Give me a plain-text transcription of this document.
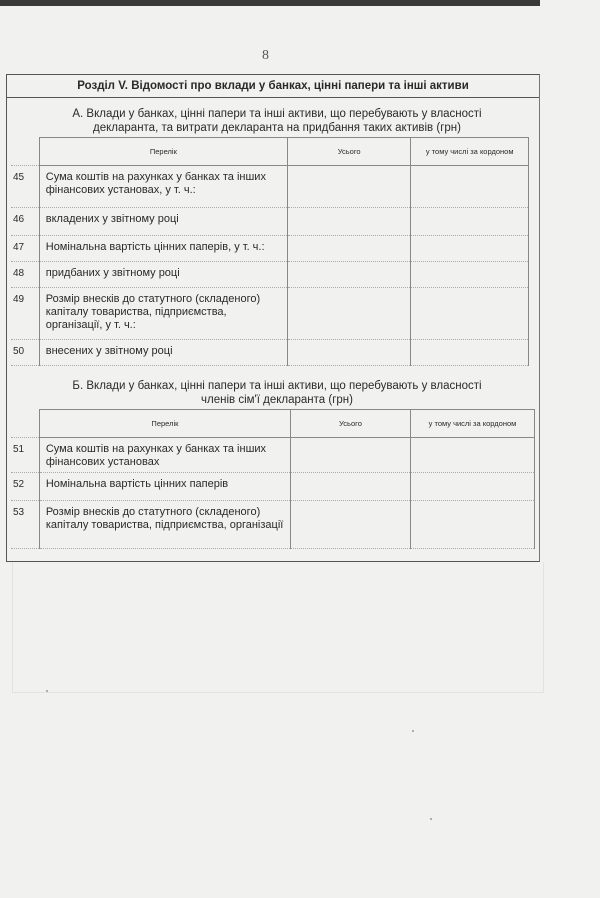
8
Розділ V. Відомості про вклади у банках, цінні папери та інші активи
А. Вклади у банках, цінні папери та інші активи, що перебувають у власності
декларанта, та витрати декларанта на придбання таких активів (грн)
	Перелік	Усього	у тому числі за кордоном
45	Сума коштів на рахунках у банках та інших фінансових установах, у т. ч.:		
46	вкладених у звітному році		
47	Номінальна вартість цінних паперів, у т. ч.:		
48	придбаних у звітному році		
49	Розмір внесків до статутного (складеного) капіталу товариства, підприємства, організації, у т. ч.:		
50	внесених у звітному році		
Б. Вклади у банках, цінні папери та інші активи, що перебувають у власності
членів сім'ї декларанта (грн)
	Перелік	Усього	у тому числі за кордоном
51	Сума коштів на рахунках у банках та інших фінансових установах		
52	Номінальна вартість цінних паперів		
53	Розмір внесків до статутного (складеного) капіталу товариства, підприємства, організації		
